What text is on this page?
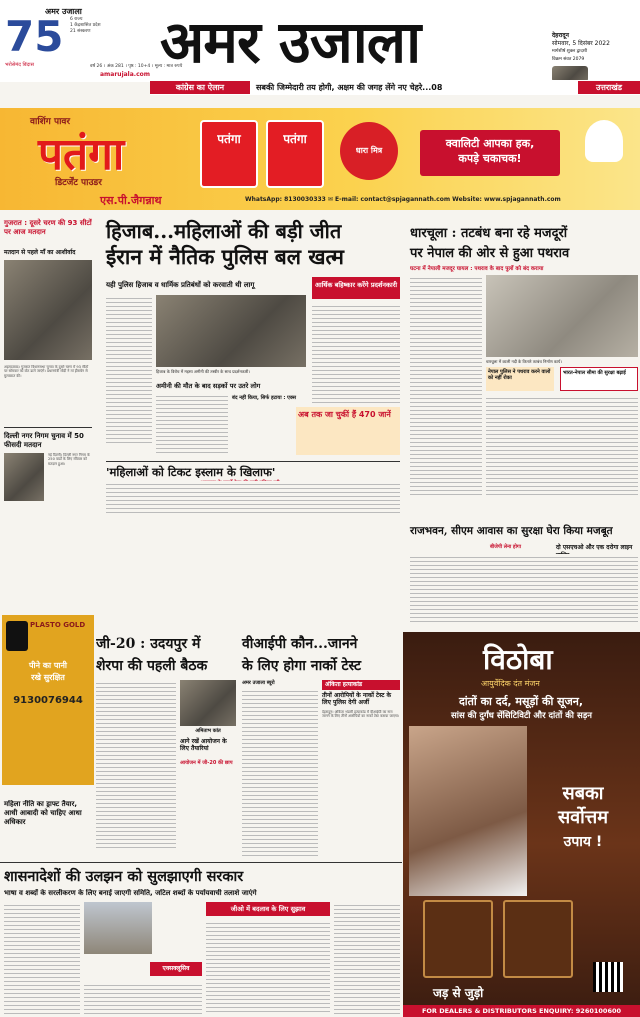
75
भरोसेमंद बिंदास
अमर उजाला
6 राज्य
1 केंद्रशासित प्रदेश
21 संस्करण अमर उजाला
वर्ष 26 । अंक 281 । पृष्ठ : 10+4 । मूल्य : मात्र रुपये
amarujala.com
देहरादून
सोमवार, 5 दिसंबर 2022
मार्गशीर्ष शुक्ल द्वादशी
विक्रम संवत 2079
कांग्रेस का ऐलान	सबकी जिम्मेदारी तय होगी, अक्षम की जगह लेंगे नए चेहरे...08	उत्तराखंड
वाशिंग पावर
पतंगा
डिटर्जेंट पाउडर
पतंगा	पतंगा
धारा मित्र
क्वालिटी आपका हक,
कपड़े चकाचक!
एस.पी.जैगन्नाथ	WhatsApp: 8130030333 ✉ E-mail: contact@spjagannath.com Website: www.spjagannath.com
गुजरात : दूसरे चरण की 93 सीटों पर आज मतदान
मतदान से पहले माँ का आशीर्वाद
अहमदाबाद। गुजरात विधानसभा चुनाव के दूसरे चरण में 93 सीटों पर सोमवार को वोट डाले जाएंगे। प्रधानमंत्री मोदी ने मां हीराबेन से मुलाकात की।
दिल्ली नगर निगम चुनाव में 50 फीसदी मतदान
नई दिल्ली। दिल्ली नगर निगम के 250 वार्डों के लिए रविवार को मतदान हुआ।
PLASTO GOLD
पीने का पानी
रखे सुरक्षित
9130076944
महिला नीति का ड्राफ्ट तैयार, आधी आबादी को चाहिए आधा अधिकार
हिजाब...महिलाओं की बड़ी जीत
ईरान में नैतिक पुलिस बल खत्म
यही पुलिस हिजाब व धार्मिक प्रतिबंधों को करवाती थी लागू	आर्थिक बहिष्कार करेंगे प्रदर्शनकारी
हिजाब के विरोध में महसा अमीनी की तस्वीर के साथ प्रदर्शनकारी।
अमीनी की मौत के बाद सड़कों पर उतरे लोग
बंद नहीं किया, सिर्फ हटाया : एक्स
अब तक जा चुकीं हैं 470 जानें
'महिलाओं को टिकट इस्लाम के खिलाफ'
धारचूला : तटबंध बना रहे मजदूरों
पर नेपाल की ओर से हुआ पथराव
घटना में नेपाली मजदूर घायल : पथराव के बाद पुलों को बंद कराया
धारचूला में काली नदी के किनारे तटबंध निर्माण कार्य।
नेपाल पुलिस ने पथराव करने वालों को नहीं रोका
भारत-नेपाल सीमा की सुरक्षा बढ़ाई
राजभवन, सीएम आवास का सुरक्षा घेरा किया मजबूत
बीजेपी लेना होगा	दो एसएचओ और एक दरोगा लाइन
जी-20 : उदयपुर में
शेरपा की पहली बैठक
अमिताभ कांत
आगे रखें आयोजन के लिए तैयारियां
आयोजन में जी-20 की छाप
वीआईपी कौन...जानने
के लिए होगा नार्को टेस्ट
अमर उजाला ब्यूरो	अंकिता हत्याकांड
तीनों आरोपियों के नार्को टेस्ट के लिए पुलिस देगी अर्जी
देहरादून। अंकिता भंडारी हत्याकांड में वीआईपी का नाम जानने के लिए तीनों आरोपियों का नार्को टेस्ट कराया जाएगा।
विठोबा
आयुर्वेदिक दंत मंजन
दांतों का दर्द, मसूड़ों की सूजन,
सांस की दुर्गंध सेंसिटिविटी और दांतों की सड़न
सबका
सर्वोत्तम
उपाय !
जड़ से जुड़ो
FOR DEALERS & DISTRIBUTORS ENQUIRY: 9260100600
शासनादेशों की उलझन को सुलझाएगी सरकार
भाषा व शब्दों के सरलीकरण के लिए बनाई जाएगी समिति, जटिल शब्दों के पर्यायवाची तलाशे जाएंगे
एक्सक्लूसिव
जीओ में बदलाव के लिए सुझाव
